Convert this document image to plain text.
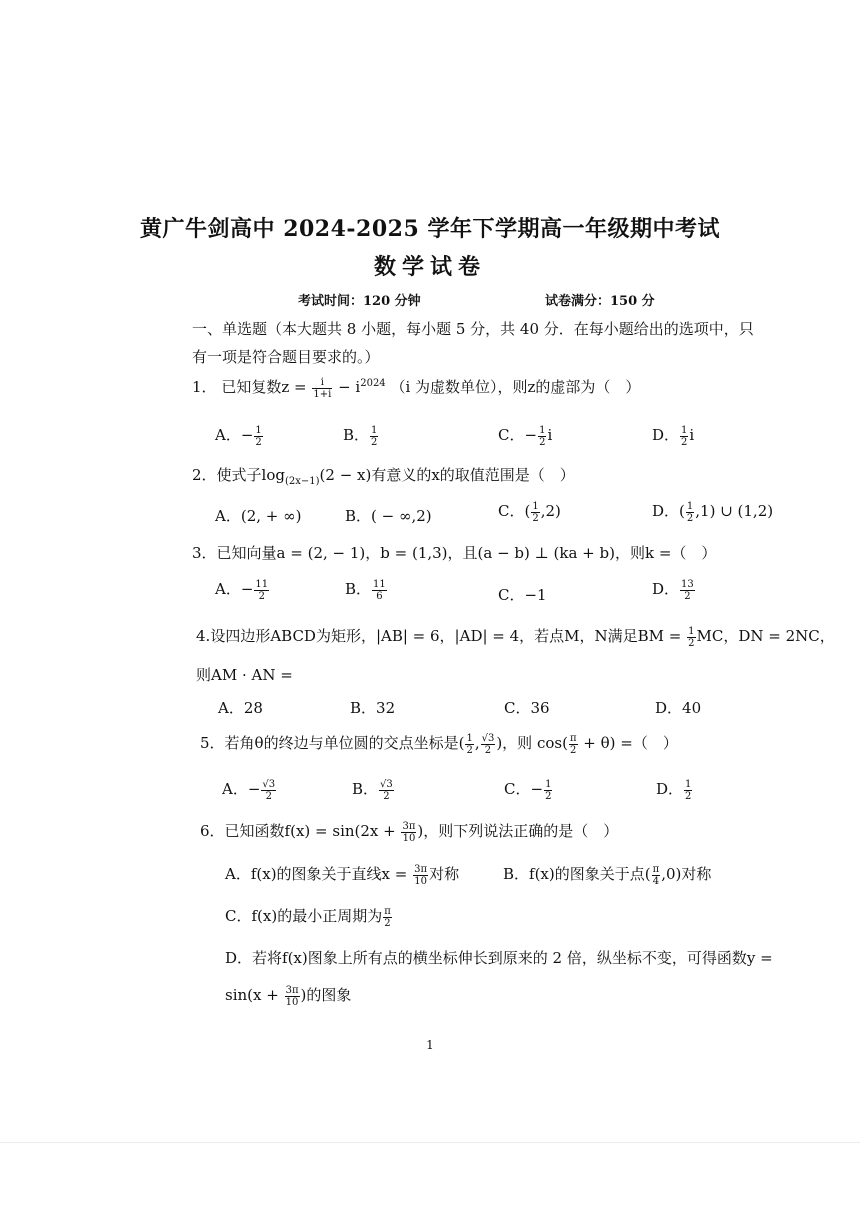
黄广牛剑高中 2024-2025 学年下学期高一年级期中考试
数学试卷
考试时间：120 分钟	试卷满分：150 分
一、单选题（本大题共 8 小题，每小题 5 分，共 40 分．在每小题给出的选项中，只
有一项是符合题目要求的。）
1． 已知复数$z = \frac{i}{1+i} - i^{2024}$ （i 为虚数单位），则z的虚部为（　）
A．− $\frac{1}{2}$	B． $\frac{1}{2}$	C．− $\frac{1}{2}$ i	D． $\frac{1}{2}$ i
2．使式子$\log_{(2x-1)}(2 - x)$有意义的x的取值范围是（　）
A．(2, + ∞)	B．( − ∞,2)	C．( $\frac{1}{2} ,2$)	D．( $\frac{1}{2} ,1$) ∪ (1,2)
3．已知向量a = (2, − 1)，b = (1,3)，且(a − b) ⊥ (ka + b)，则k =（　）
A．− $\frac{11}{2}$	B． $\frac{11}{6}$	C．−1	D． $\frac{13}{2}$
4.设四边形ABCD为矩形，|AB| = 6，|AD| = 4，若点M，N满足BM = $\frac{1}{2}$ MC，DN = 2NC，
则AM · AN =
A．28	B．32	C．36	D．40
5．若角θ的终边与单位圆的交点坐标是( $\frac{1}{2}$ , $\frac{√3}{2}$ )，则 $\cos( \frac{\pi}{2} + \theta)$ =（　）
A．− $\frac{√3}{2}$	B． $\frac{√3}{2}$	C．− $\frac{1}{2}$	D． $\frac{1}{2}$
6．已知函数$f(x) = \sin(2x + \frac{3\pi}{10}$ )，则下列说法正确的是（　）
A．f(x)的图象关于直线$x = \frac{3\pi}{10}$ 对称	B．f(x)的图象关于点( $\frac{\pi}{4} ,0$)对称
C．f(x)的最小正周期为 $\frac{\pi}{2}$
D．若将f(x)图象上所有点的横坐标伸长到原来的 2 倍，纵坐标不变，可得函数y =
$\sin(x + \frac{3\pi}{10}$ )的图象
1
